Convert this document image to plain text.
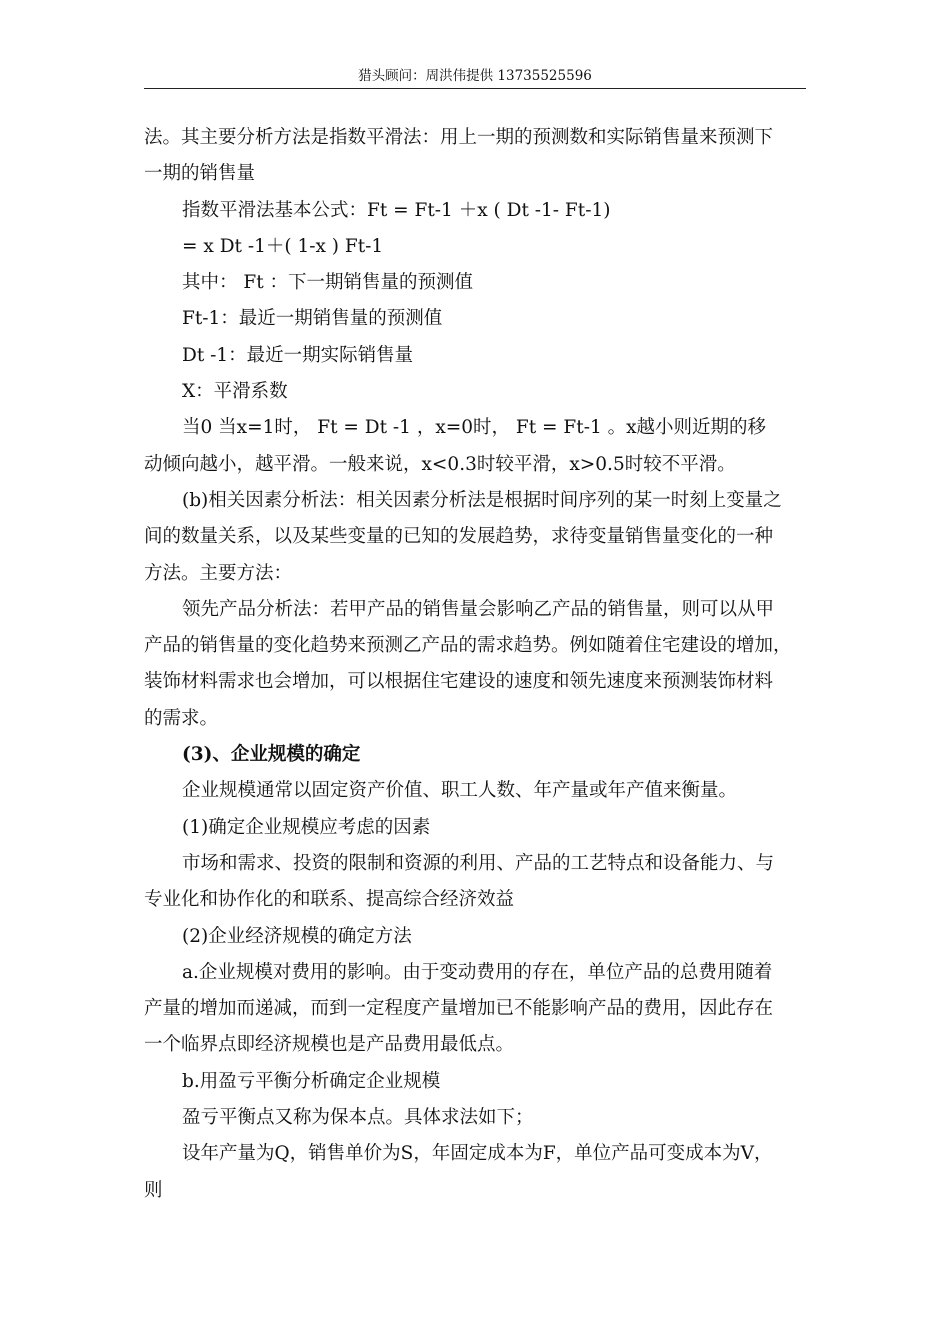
猎头顾问：周洪伟提供 13735525596

法。其主要分析方法是指数平滑法：用上一期的预测数和实际销售量来预测下

一期的销售量

指数平滑法基本公式：Ft = Ft-1 ＋x ( Dt -1- Ft-1)

= x Dt -1＋( 1-x ) Ft-1

其中： Ft ：下一期销售量的预测值

Ft-1：最近一期销售量的预测值

Dt -1：最近一期实际销售量

X：平滑系数

当0 当x=1时， Ft = Dt -1 ，x=0时， Ft = Ft-1 。x越小则近期的移

动倾向越小，越平滑。一般来说，x<0.3时较平滑，x>0.5时较不平滑。

(b)相关因素分析法：相关因素分析法是根据时间序列的某一时刻上变量之

间的数量关系，以及某些变量的已知的发展趋势，求待变量销售量变化的一种

方法。主要方法：

领先产品分析法：若甲产品的销售量会影响乙产品的销售量，则可以从甲

产品的销售量的变化趋势来预测乙产品的需求趋势。例如随着住宅建设的增加，

装饰材料需求也会增加，可以根据住宅建设的速度和领先速度来预测装饰材料

的需求。

(3)、企业规模的确定

企业规模通常以固定资产价值、职工人数、年产量或年产值来衡量。

(1)确定企业规模应考虑的因素

市场和需求、投资的限制和资源的利用、产品的工艺特点和设备能力、与

专业化和协作化的和联系、提高综合经济效益

(2)企业经济规模的确定方法

a.企业规模对费用的影响。由于变动费用的存在，单位产品的总费用随着

产量的增加而递减，而到一定程度产量增加已不能影响产品的费用，因此存在

一个临界点即经济规模也是产品费用最低点。

b.用盈亏平衡分析确定企业规模

盈亏平衡点又称为保本点。具体求法如下；

设年产量为Q，销售单价为S，年固定成本为F，单位产品可变成本为V，

则
